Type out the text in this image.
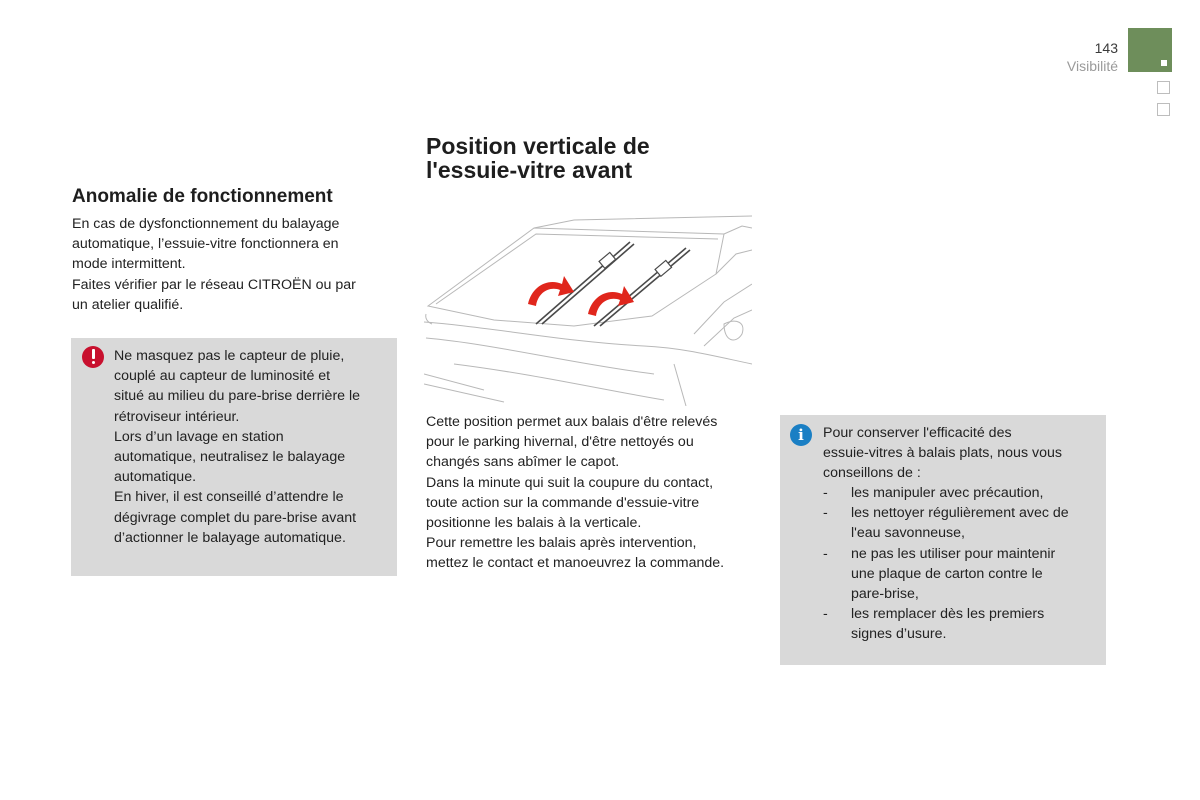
143
Visibilité
Anomalie de fonctionnement
En cas de dysfonctionnement du balayage
automatique, l’essuie-vitre fonctionnera en
mode intermittent.
Faites vérifier par le réseau CITROËN ou par
un atelier qualifié.
Ne masquez pas le capteur de pluie,
couplé au capteur de luminosité et
situé au milieu du pare-brise derrière le
rétroviseur intérieur.
Lors d’un lavage en station
automatique, neutralisez le balayage
automatique.
En hiver, il est conseillé d’attendre le
dégivrage complet du pare-brise avant
d’actionner le balayage automatique.
Position verticale de
l'essuie-vitre avant
Cette position permet aux balais d'être relevés
pour le parking hivernal, d'être nettoyés ou
changés sans abîmer le capot.
Dans la minute qui suit la coupure du contact,
toute action sur la commande d'essuie-vitre
positionne les balais à la verticale.
Pour remettre les balais après intervention,
mettez le contact et manoeuvrez la commande.
i	Pour conserver l'efficacité des
essuie-vitres à balais plats, nous vous
conseillons de :
- les manipuler avec précaution,
- les nettoyer régulièrement avec de
l'eau savonneuse,
- ne pas les utiliser pour maintenir
une plaque de carton contre le
pare-brise,
- les remplacer dès les premiers
signes d’usure.
